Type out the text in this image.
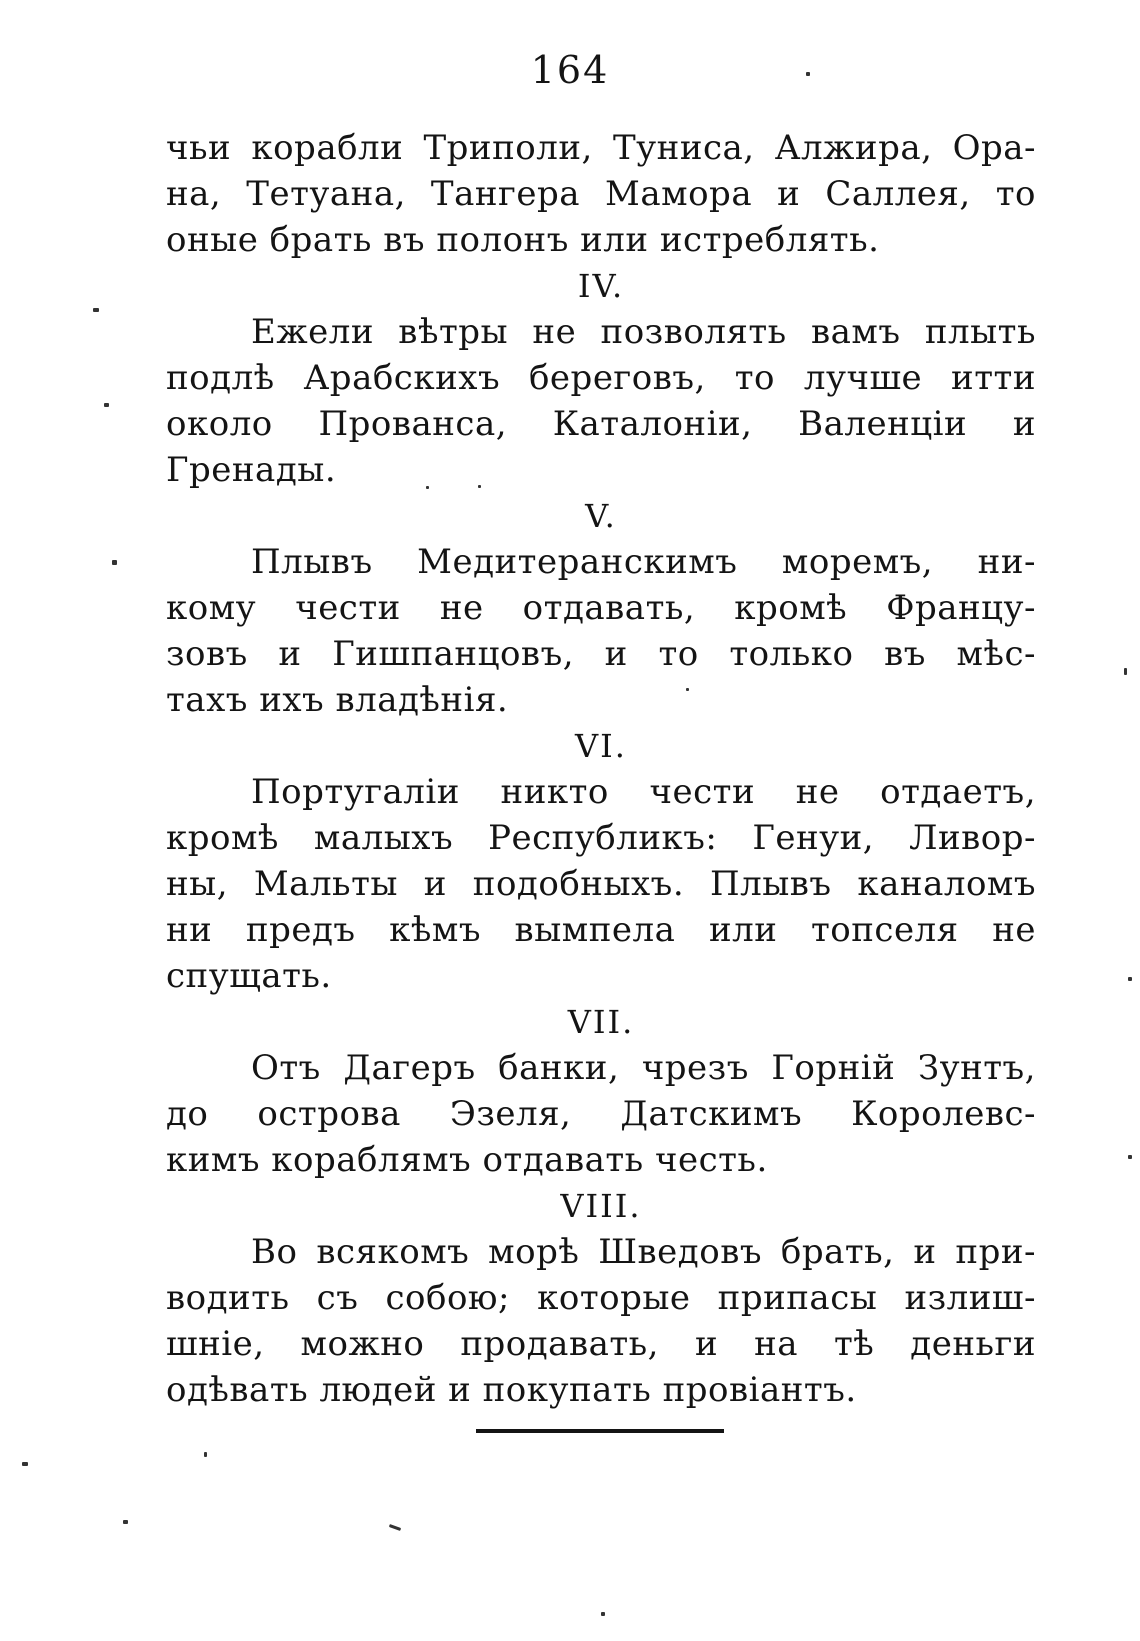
164
чьи корабли Триполи, Туниса, Алжира, Ора-
на, Тетуана, Тангера Мамора и Саллея, то
оные брать въ полонъ или истреблять.
IV.
Ежели вѣтры не позволять вамъ плыть
подлѣ Арабскихъ береговъ, то лучше итти
около Прованса, Каталоніи, Валенціи и
Гренады.
V.
Плывъ Медитеранскимъ моремъ, ни-
кому чести не отдавать, кромѣ Францу-
зовъ и Гишпанцовъ, и то только въ мѣс-
тахъ ихъ владѣнія.
VI.
Португаліи никто чести не отдаетъ,
кромѣ малыхъ Республикъ: Генуи, Ливор-
ны, Мальты и подобныхъ. Плывъ каналомъ
ни предъ кѣмъ вымпела или топселя не
спущать.
VII.
Отъ Дагеръ банки, чрезъ Горній Зунтъ,
до острова Эзеля, Датскимъ Королевс-
кимъ кораблямъ отдавать честь.
VIII.
Во всякомъ морѣ Шведовъ брать, и при-
водить съ собою; которые припасы излиш-
шніе, можно продавать, и на тѣ деньги
одѣвать людей и покупать провіантъ.
